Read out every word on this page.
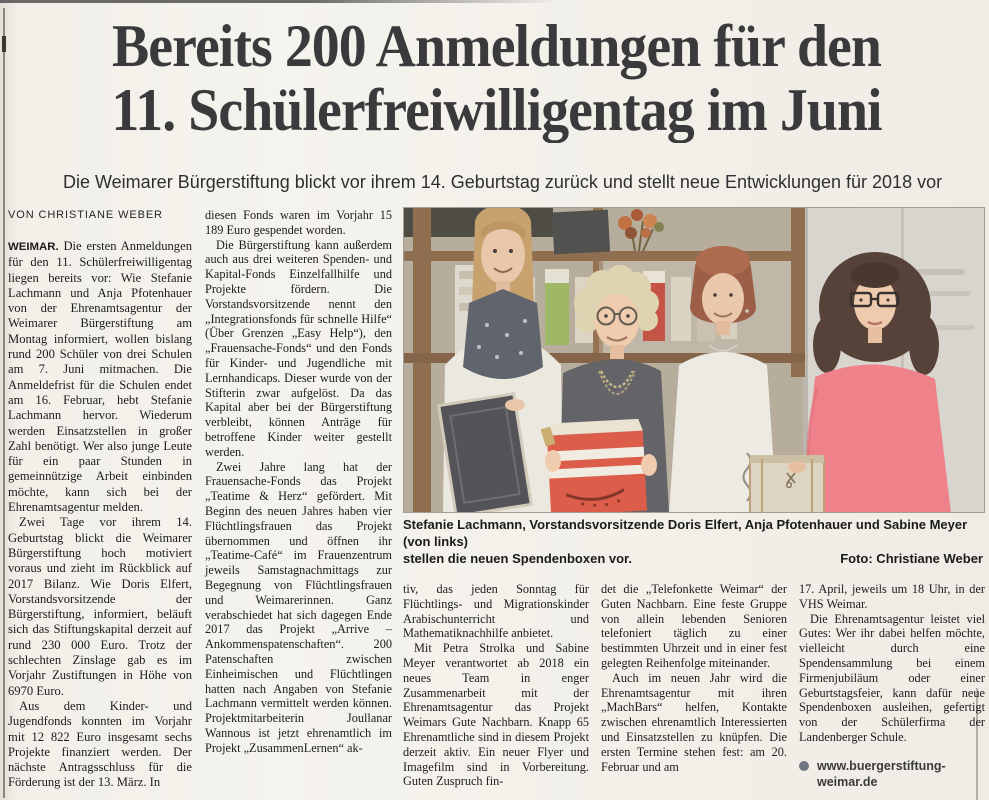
Bereits 200 Anmeldungen für den
11. Schülerfreiwilligentag im Juni
Die Weimarer Bürgerstiftung blickt vor ihrem 14. Geburtstag zurück und stellt neue Entwicklungen für 2018 vor
VON CHRISTIANE WEBER

WEIMAR. Die ersten Anmeldungen für den 11. Schülerfreiwilligentag liegen bereits vor: Wie Stefanie Lachmann und Anja Pfotenhauer von der Ehrenamtsagentur der Weimarer Bürgerstiftung am Montag informiert, wollen bislang rund 200 Schüler von drei Schulen am 7. Juni mitmachen. Die Anmeldefrist für die Schulen endet am 16. Februar, hebt Stefanie Lachmann hervor. Wiederum werden Einsatzstellen in großer Zahl benötigt. Wer also junge Leute für ein paar Stunden in gemeinnützige Arbeit einbinden möchte, kann sich bei der Ehrenamtsagentur melden.

Zwei Tage vor ihrem 14. Geburtstag blickt die Weimarer Bürgerstiftung hoch motiviert voraus und zieht im Rückblick auf 2017 Bilanz. Wie Doris Elfert, Vorstandsvorsitzende der Bürgerstiftung, informiert, beläuft sich das Stiftungskapital derzeit auf rund 230 000 Euro. Trotz der schlechten Zinslage gab es im Vorjahr Zustiftungen in Höhe von 6970 Euro.

Aus dem Kinder- und Jugendfonds konnten im Vorjahr mit 12 822 Euro insgesamt sechs Projekte finanziert werden. Der nächste Antragsschluss für die Förderung ist der 13. März. In

diesen Fonds waren im Vorjahr 15 189 Euro gespendet worden.

Die Bürgerstiftung kann außerdem auch aus drei weiteren Spenden- und Kapital-Fonds Einzelfallhilfe und Projekte fördern. Die Vorstandsvorsitzende nennt den „Integrationsfonds für schnelle Hilfe“ (Über Grenzen „Easy Help“), den „Frauensache-Fonds“ und den Fonds für Kinder- und Jugendliche mit Lernhandicaps. Dieser wurde von der Stifterin zwar aufgelöst. Da das Kapital aber bei der Bürgerstiftung verbleibt, können Anträge für betroffene Kinder weiter gestellt werden.

Zwei Jahre lang hat der Frauensache-Fonds das Projekt „Teatime & Herz“ gefördert. Mit Beginn des neuen Jahres haben vier Flüchtlingsfrauen das Projekt übernommen und öffnen ihr „Teatime-Café“ im Frauenzentrum jeweils Samstagnachmittags zur Begegnung von Flüchtlingsfrauen und Weimarerinnen. Ganz verabschiedet hat sich dagegen Ende 2017 das Projekt „Arrive – Ankommenspatenschaften“. 200 Patenschaften zwischen Einheimischen und Flüchtlingen hatten nach Angaben von Stefanie Lachmann vermittelt werden können. Projektmitarbeiterin Joullanar Wannous ist jetzt ehrenamtlich im Projekt „ZusammenLernen“ ak-

Stefanie Lachmann, Vorstandsvorsitzende Doris Elfert, Anja Pfotenhauer und Sabine Meyer (von links)
stellen die neuen Spendenboxen vor.	Foto: Christiane Weber

tiv, das jeden Sonntag für Flüchtlings- und Migrationskinder Arabischunterricht und Mathematiknachhilfe anbietet.

Mit Petra Strolka und Sabine Meyer verantwortet ab 2018 ein neues Team in enger Zusammenarbeit mit der Ehrenamtsagentur das Projekt Weimars Gute Nachbarn. Knapp 65 Ehrenamtliche sind in diesem Projekt derzeit aktiv. Ein neuer Flyer und Imagefilm sind in Vorbereitung. Guten Zuspruch fin-

det die „Telefonkette Weimar“ der Guten Nachbarn. Eine feste Gruppe von allein lebenden Senioren telefoniert täglich zu einer bestimmten Uhrzeit und in einer fest gelegten Reihenfolge miteinander.

Auch im neuen Jahr wird die Ehrenamtsagentur mit ihren „MachBars“ helfen, Kontakte zwischen ehrenamtlich Interessierten und Einsatzstellen zu knüpfen. Die ersten Termine stehen fest: am 20. Februar und am

17. April, jeweils um 18 Uhr, in der VHS Weimar.

Die Ehrenamtsagentur leistet viel Gutes: Wer ihr dabei helfen möchte, vielleicht durch eine Spendensammlung bei einem Firmenjubiläum oder einer Geburtstagsfeier, kann dafür neue Spendenboxen ausleihen, gefertigt von der Schülerfirma der Landenberger Schule.

www.buergerstiftung-
weimar.de
